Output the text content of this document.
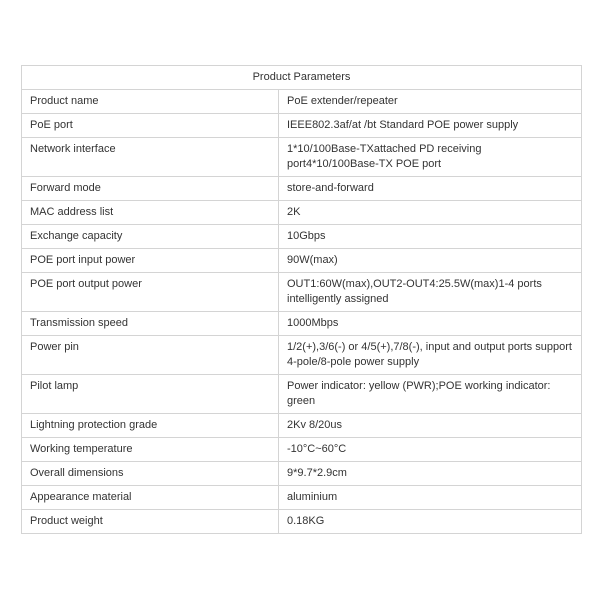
Product Parameters	
Product name	PoE extender/repeater
PoE port	IEEE802.3af/at /bt Standard POE power supply
Network interface	1*10/100Base-TXattached PD receiving port4*10/100Base-TX POE port
Forward mode	store-and-forward
MAC address list	2K
Exchange capacity	10Gbps
POE port input power	90W(max)
POE port output power	OUT1:60W(max),OUT2-OUT4:25.5W(max)1-4 ports intelligently assigned
Transmission speed	1000Mbps
Power pin	1/2(+),3/6(-) or 4/5(+),7/8(-), input and output ports support 4-pole/8-pole power supply
Pilot lamp	Power indicator: yellow (PWR);POE working indicator: green
Lightning protection grade	2Kv 8/20us
Working temperature	-10°C~60°C
Overall dimensions	9*9.7*2.9cm
Appearance material	aluminium
Product weight	0.18KG
